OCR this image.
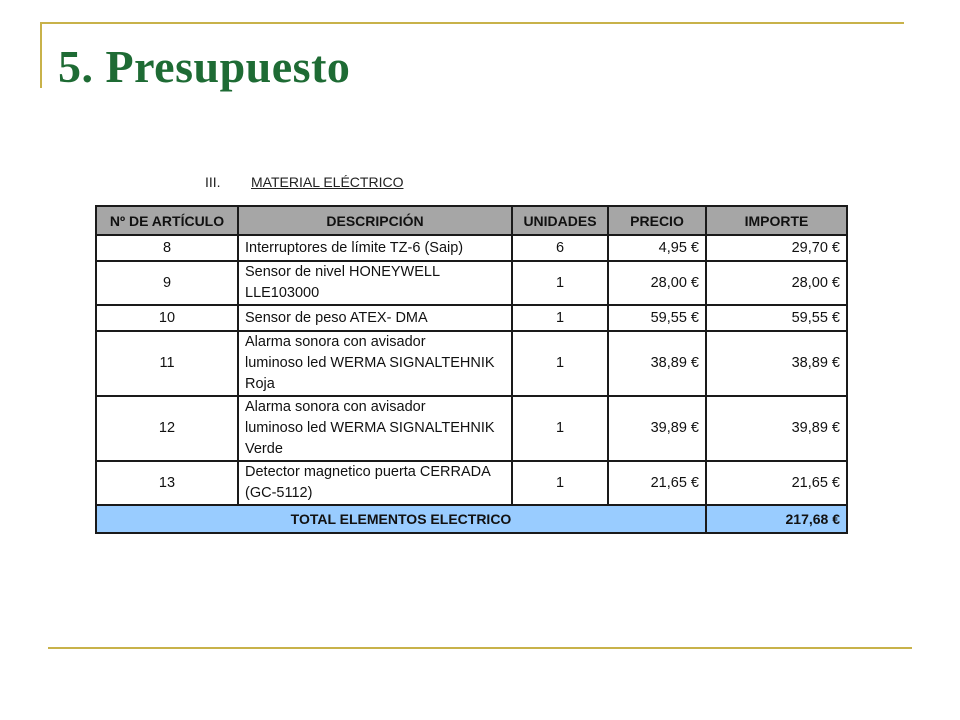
5. Presupuesto
III. MATERIAL ELÉCTRICO
Nº DE ARTÍCULO	DESCRIPCIÓN	UNIDADES	PRECIO	IMPORTE
8	Interruptores de límite TZ-6 (Saip)	6	4,95 €	29,70 €
9	Sensor de nivel HONEYWELL
LLE103000	1	28,00 €	28,00 €
10	Sensor de peso ATEX- DMA	1	59,55 €	59,55 €
11	Alarma sonora con avisador
luminoso led WERMA SIGNALTEHNIK
Roja	1	38,89 €	38,89 €
12	Alarma sonora con avisador
luminoso led WERMA SIGNALTEHNIK
Verde	1	39,89 €	39,89 €
13	Detector magnetico puerta CERRADA
(GC-5112)	1	21,65 €	21,65 €
TOTAL ELEMENTOS ELECTRICO				217,68 €
